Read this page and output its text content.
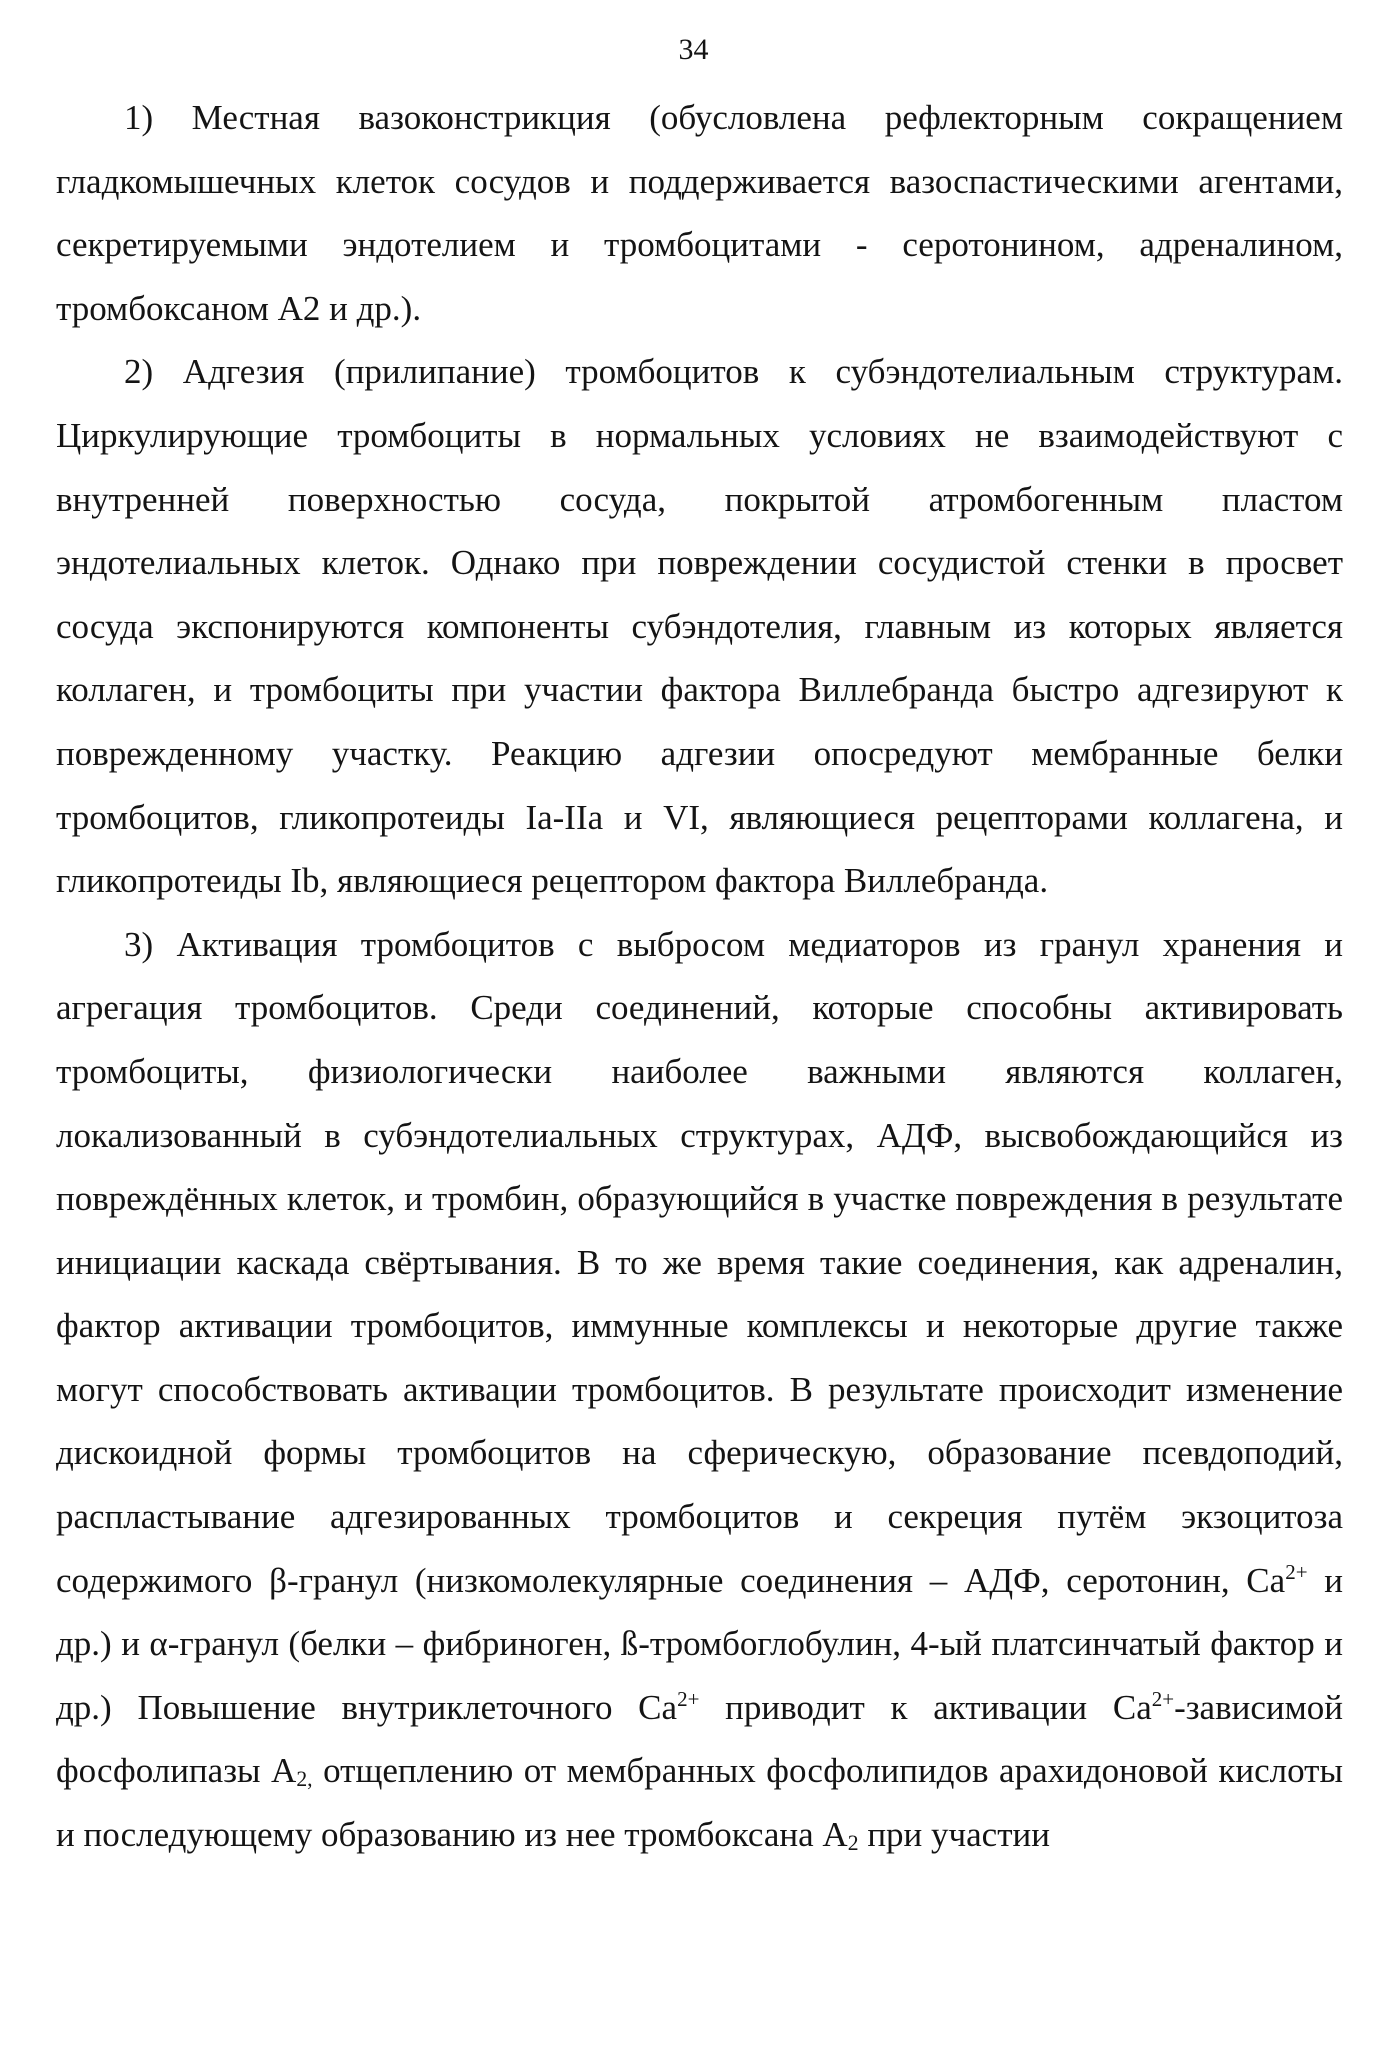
34

1) Местная вазоконстрикция (обусловлена рефлекторным сокращением гладкомышечных клеток сосудов и поддерживается вазоспастическими агентами, секретируемыми эндотелием и тромбоцитами - серотонином, адреналином, тромбоксаном А2 и др.).

2) Адгезия (прилипание) тромбоцитов к субэндотелиальным структурам. Циркулирующие тромбоциты в нормальных условиях не взаимодействуют с внутренней поверхностью сосуда, покрытой атромбогенным пластом эндотелиальных клеток. Однако при повреждении сосудистой стенки в просвет сосуда экспонируются компоненты субэндотелия, главным из которых является коллаген, и тромбоциты при участии фактора Виллебранда быстро адгезируют к поврежденному участку. Реакцию адгезии опосредуют мембранные белки тромбоцитов, гликопротеиды Ia-IIa и VI, являющиеся рецепторами коллагена, и гликопротеиды Ib, являющиеся рецептором фактора Виллебранда.

3) Активация тромбоцитов с выбросом медиаторов из гранул хранения и агрегация тромбоцитов. Среди соединений, которые способны активировать тромбоциты, физиологически наиболее важными являются коллаген, локализованный в субэндотелиальных структурах, АДФ, высвобождающийся из повреждённых клеток, и тромбин, образующийся в участке повреждения в результате инициации каскада свёртывания. В то же время такие соединения, как адреналин, фактор активации тромбоцитов, иммунные комплексы и некоторые другие также могут способствовать активации тромбоцитов. В результате происходит изменение дискоидной формы тромбоцитов на сферическую, образование псевдоподий, распластывание адгезированных тромбоцитов и секреция путём экзоцитоза содержимого β-гранул (низкомолекулярные соединения – АДФ, серотонин, $Ca^{2+}$ и др.) и α-гранул (белки – фибриноген, ß-тромбоглобулин, 4-ый платсинчатый фактор и др.) Повышение внутриклеточного $Ca^{2+}$ приводит к активации $Ca^{2+}$-зависимой фосфолипазы $А_{2,}$ отщеплению от мембранных фосфолипидов арахидоновой кислоты и последующему образованию из нее тромбоксана $А_2$ при участии
